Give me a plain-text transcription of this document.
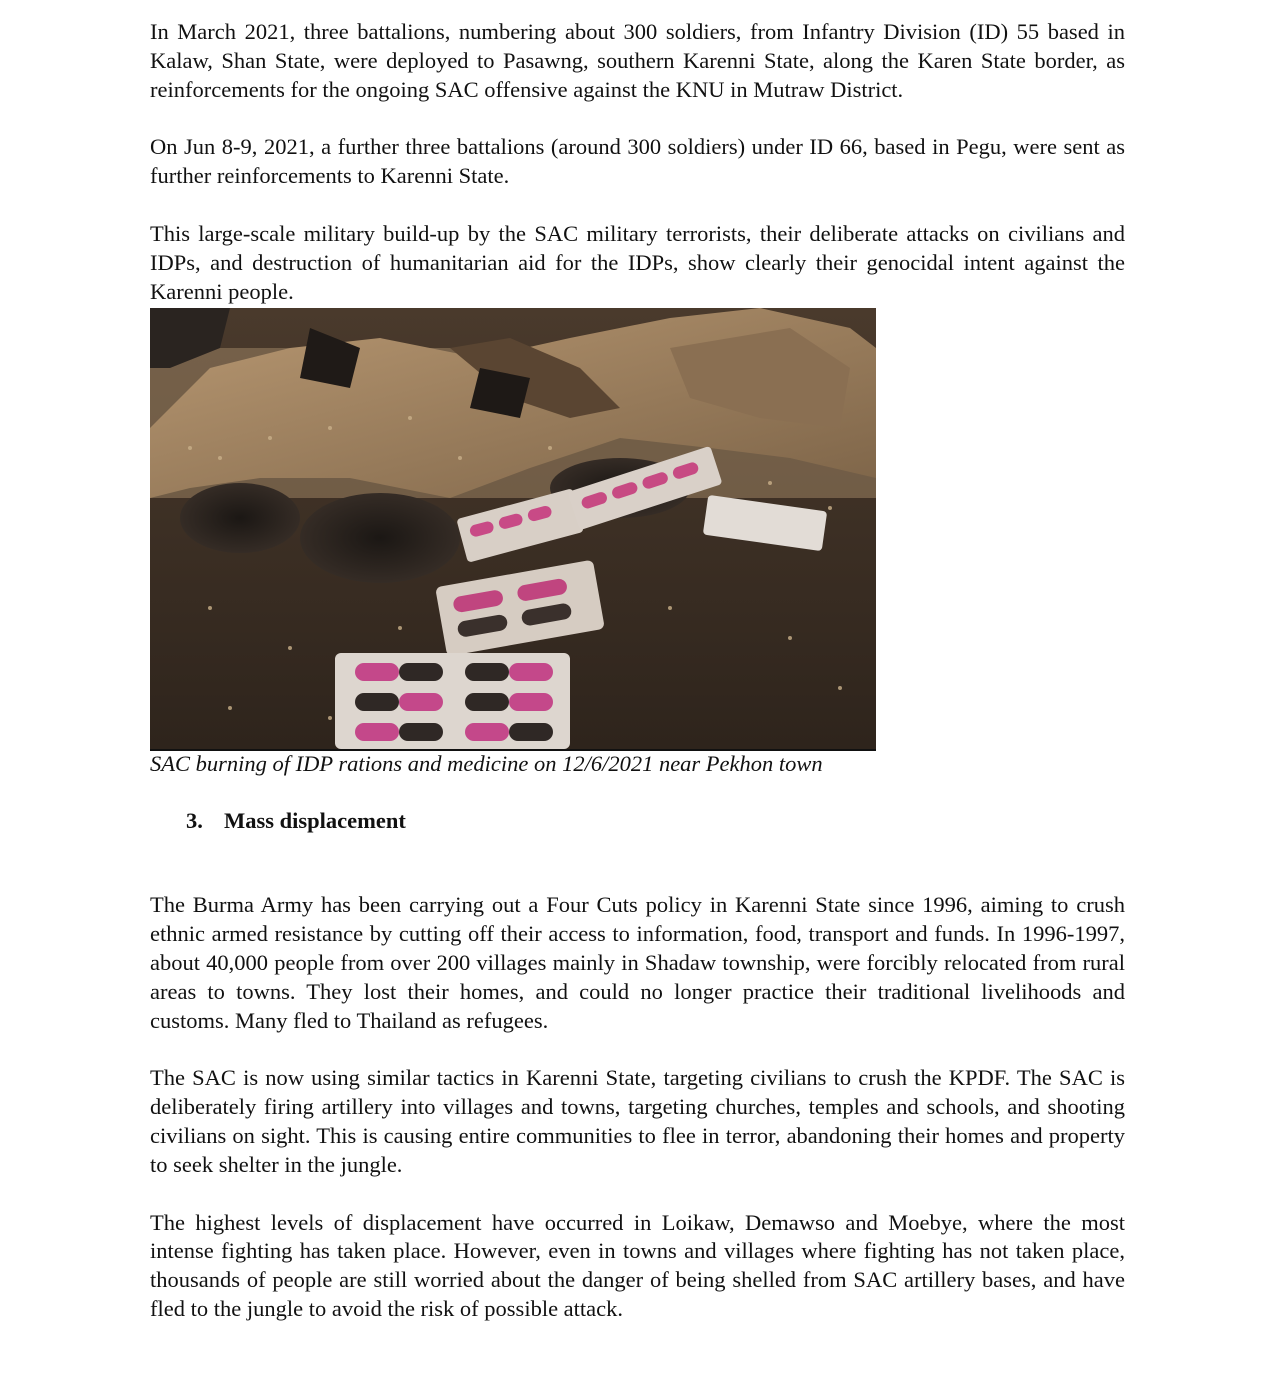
In March 2021, three battalions, numbering about 300 soldiers, from Infantry Division (ID) 55 based in Kalaw, Shan State, were deployed to Pasawng, southern Karenni State, along the Karen State border, as reinforcements for the ongoing SAC offensive against the KNU in Mutraw District.

On Jun 8-9, 2021, a further three battalions (around 300 soldiers) under ID 66, based in Pegu, were sent as further reinforcements to Karenni State.

This large-scale military build-up by the SAC military terrorists, their deliberate attacks on civilians and IDPs, and destruction of humanitarian aid for the IDPs, show clearly their genocidal intent against the Karenni people.

SAC burning of IDP rations and medicine on 12/6/2021 near Pekhon town

3. Mass displacement

The Burma Army has been carrying out a Four Cuts policy in Karenni State since 1996, aiming to crush ethnic armed resistance by cutting off their access to information, food, transport and funds. In 1996-1997, about 40,000 people from over 200 villages mainly in Shadaw township, were forcibly relocated from rural areas to towns. They lost their homes, and could no longer practice their traditional livelihoods and customs. Many fled to Thailand as refugees.

The SAC is now using similar tactics in Karenni State, targeting civilians to crush the KPDF. The SAC is deliberately firing artillery into villages and towns, targeting churches, temples and schools, and shooting civilians on sight. This is causing entire communities to flee in terror, abandoning their homes and property to seek shelter in the jungle.

The highest levels of displacement have occurred in Loikaw, Demawso and Moebye, where the most intense fighting has taken place. However, even in towns and villages where fighting has not taken place, thousands of people are still worried about the danger of being shelled from SAC artillery bases, and have fled to the jungle to avoid the risk of possible attack.
